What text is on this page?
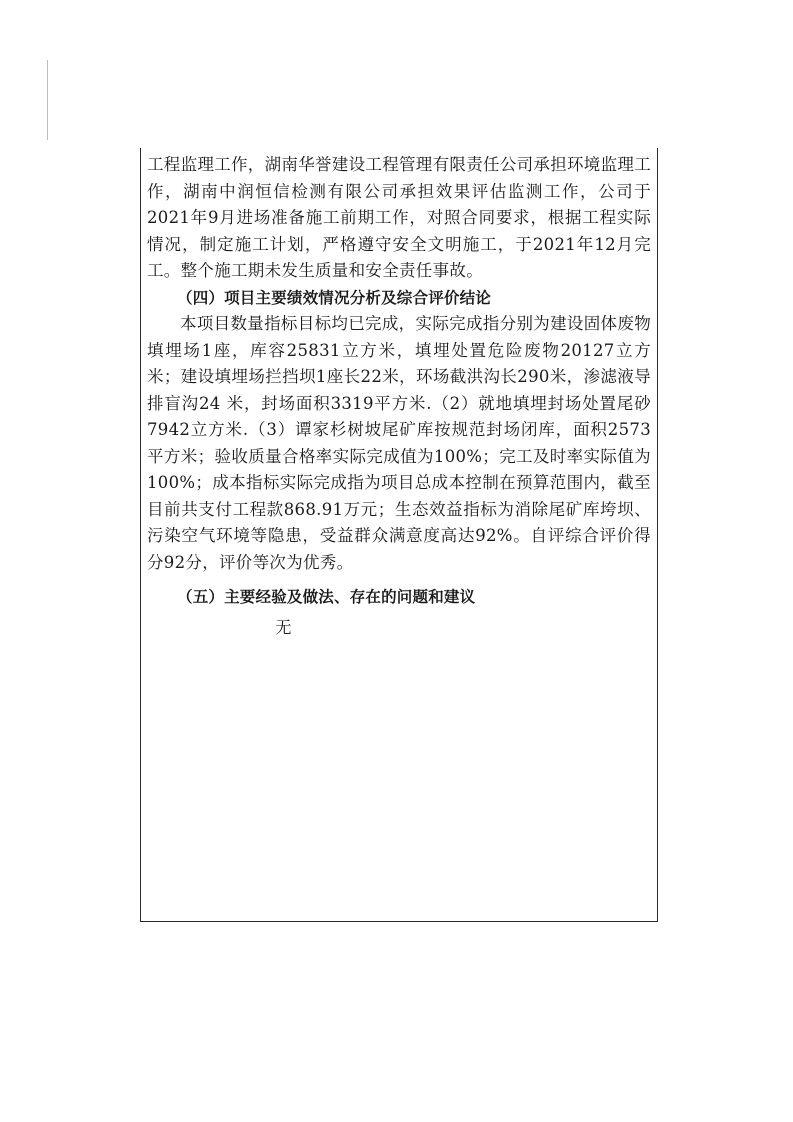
工程监理工作，湖南华誉建设工程管理有限责任公司承担环境监理工作，湖南中润恒信检测有限公司承担效果评估监测工作，公司于2021年9月进场准备施工前期工作，对照合同要求，根据工程实际情况，制定施工计划，严格遵守安全文明施工，于2021年12月完工。整个施工期未发生质量和安全责任事故。

（四）项目主要绩效情况分析及综合评价结论

本项目数量指标目标均已完成，实际完成指分别为建设固体废物填埋场1座，库容25831立方米，填埋处置危险废物20127立方米；建设填埋场拦挡坝1座长22米，环场截洪沟长290米，渗滤液导排盲沟24 米，封场面积3319平方米.（2）就地填埋封场处置尾砂7942立方米.（3）谭家杉树坡尾矿库按规范封场闭库，面积2573平方米；验收质量合格率实际完成值为100%；完工及时率实际值为100%；成本指标实际完成指为项目总成本控制在预算范围内，截至目前共支付工程款868.91万元；生态效益指标为消除尾矿库垮坝、污染空气环境等隐患，受益群众满意度高达92%。自评综合评价得分92分，评价等次为优秀。

（五）主要经验及做法、存在的问题和建议

无
